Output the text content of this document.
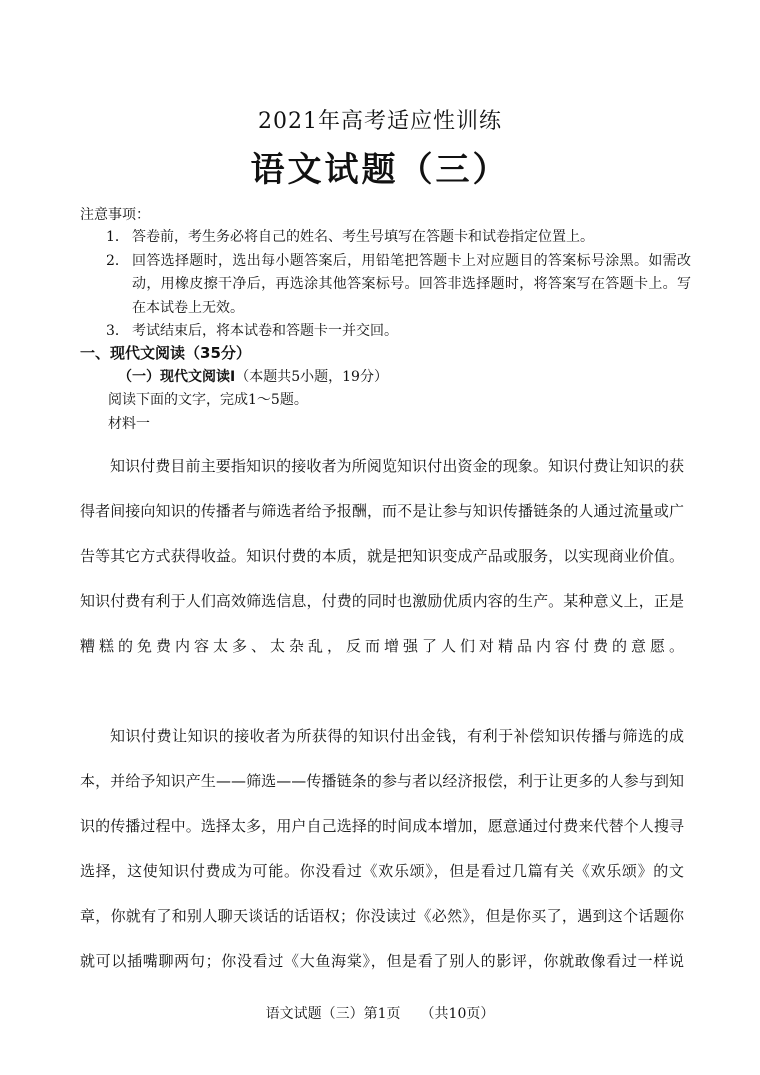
2021年高考适应性训练
语文试题（三）
注意事项：
1． 答卷前，考生务必将自己的姓名、考生号填写在答题卡和试卷指定位置上。
2． 回答选择题时，选出每小题答案后，用铅笔把答题卡上对应题目的答案标号涂黑。如需改动，用橡皮擦干净后，再选涂其他答案标号。回答非选择题时，将答案写在答题卡上。写在本试卷上无效。
3． 考试结束后，将本试卷和答题卡一并交回。
一、现代文阅读（35分）
（一）现代文阅读Ⅰ（本题共5小题，19分）
阅读下面的文字，完成1～5题。
材料一

知识付费目前主要指知识的接收者为所阅览知识付出资金的现象。知识付费让知识的获得者间接向知识的传播者与筛选者给予报酬，而不是让参与知识传播链条的人通过流量或广告等其它方式获得收益。知识付费的本质，就是把知识变成产品或服务，以实现商业价值。知识付费有利于人们高效筛选信息，付费的同时也激励优质内容的生产。某种意义上，正是糟糕的免费内容太多、太杂乱，反而增强了人们对精品内容付费的意愿。

知识付费让知识的接收者为所获得的知识付出金钱，有利于补偿知识传播与筛选的成本，并给予知识产生——筛选——传播链条的参与者以经济报偿，利于让更多的人参与到知识的传播过程中。选择太多，用户自己选择的时间成本增加，愿意通过付费来代替个人搜寻选择，这使知识付费成为可能。你没看过《欢乐颂》，但是看过几篇有关《欢乐颂》的文章，你就有了和别人聊天谈话的话语权；你没读过《必然》，但是你买了，遇到这个话题你就可以插嘴聊两句；你没看过《大鱼海棠》，但是看了别人的影评，你就敢像看过一样说

语文试题（三）第1页 （共10页）
